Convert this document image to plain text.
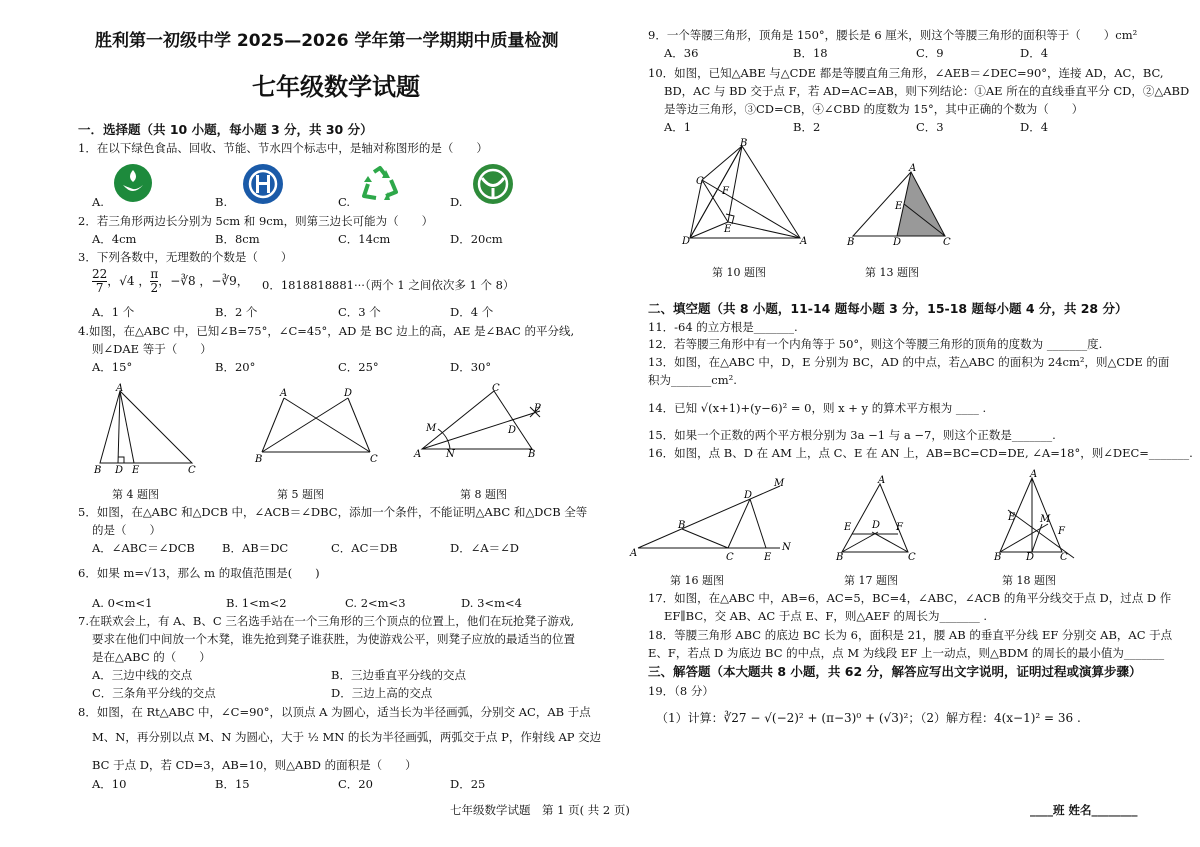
胜利第一初级中学 2025—2026 学年第一学期期中质量检测
七年级数学试题
一．选择题（共 10 小题，每小题 3 分，共 30 分）
1．在以下绿色食品、回收、节能、节水四个标志中，是轴对称图形的是（　　）
A.	B.	C.	D.
2．若三角形两边长分别为 5cm 和 9cm，则第三边长可能为（　　）
A．4cm	B．8cm	C．14cm	D．20cm
3．下列各数中，无理数的个数是（　　）
$\frac{22}{7}$ ，√4 ， $\frac{\pi}{2}$ ，−∛8 ，−∛9， 0．1818818881···（两个 1 之间依次多 1 个 8）
A．1 个	B．2 个	C．3 个	D．4 个
4.如图，在△ABC 中，已知∠B=75°，∠C=45°，AD 是 BC 边上的高，AE 是∠BAC 的平分线,
则∠DAE 等于（　　）
A．15°	B．20°	C．25°	D．30°
A
B D E	C
A	D
B	C
C
M	D
P
A N	B
第 4 题图	第 5 题图	第 8 题图
5．如图，在△ABC 和△DCB 中，∠ACB＝∠DBC，添加一个条件，不能证明△ABC 和△DCB 全等
的是（　　）
A．∠ABC＝∠DCB B．AB＝DC	C．AC＝DB	D．∠A＝∠D
6．如果 m=√13，那么 m 的取值范围是(　　)
A. 0<m<1	B. 1<m<2	C. 2<m<3	D. 3<m<4
7.在联欢会上，有 A、B、C 三名选手站在一个三角形的三个顶点的位置上，他们在玩抢凳子游戏,
要求在他们中间放一个木凳，谁先抢到凳子谁获胜，为使游戏公平，则凳子应放的最适当的位置
是在△ABC 的（　　）
A．三边中线的交点	B．三边垂直平分线的交点
C．三条角平分线的交点	D．三边上高的交点
8．如图，在 Rt△ABC 中，∠C=90°，以顶点 A 为圆心，适当长为半径画弧，分别交 AC，AB 于点
M、N，再分别以点 M、N 为圆心，大于 ½ MN 的长为半径画弧，两弧交于点 P，作射线 AP 交边
BC 于点 D，若 CD=3，AB=10，则△ABD 的面积是（　　）
A．10	B．15	C．20	D．25
9．一个等腰三角形，顶角是 150°，腰长是 6 厘米，则这个等腰三角形的面积等于（　　）cm²
A．36	B．18	C．9	D．4
10．如图，已知△ABE 与△CDE 都是等腰直角三角形，∠AEB＝∠DEC=90°，连接 AD，AC，BC,
BD，AC 与 BD 交于点 F，若 AD=AC=AB，则下列结论：①AE 所在的直线垂直平分 CD，②△ABD
是等边三角形，③CD=CB，④∠CBD 的度数为 15°，其中正确的个数为（　　）
A．1	B．2	C．3	D．4
B
C
F
E
D	A
A
E
B	D	C
第 10 题图	第 13 题图
二、填空题（共 8 小题，11-14 题每小题 3 分，15-18 题每小题 4 分，共 28 分）
11．-64 的立方根是_______.
12．若等腰三角形中有一个内角等于 50°，则这个等腰三角形的顶角的度数为 _______度.
13．如图，在△ABC 中，D，E 分别为 BC，AD 的中点，若△ABC 的面积为 24cm²，则△CDE 的面
积为_______cm².
14．已知 √(x+1)+(y−6)² = 0，则 x + y 的算术平方根为 ____ .
15．如果一个正数的两个平方根分别为 3a −1 与 a −7，则这个正数是_______.
16．如图，点 B、D 在 AM 上，点 C、E 在 AN 上，AB=BC=CD=DE, ∠A=18°，则∠DEC=_______.
A
B
C
D
E
M
N
A
E D F
B	C
A
E M
F
B D	C
第 16 题图	第 17 题图	第 18 题图
17．如图，在△ABC 中，AB=6，AC=5，BC=4，∠ABC，∠ACB 的角平分线交于点 D，过点 D 作
EF∥BC，交 AB、AC 于点 E、F，则△AEF 的周长为_______ .
18．等腰三角形 ABC 的底边 BC 长为 6，面积是 21，腰 AB 的垂直平分线 EF 分别交 AB，AC 于点
E、F，若点 D 为底边 BC 的中点，点 M 为线段 EF 上一动点，则△BDM 的周长的最小值为_______
三、解答题（本大题共 8 小题，共 62 分，解答应写出文字说明，证明过程或演算步骤）
19．（8 分）
（1）计算：∛27 − √(−2)² + (π−3)⁰ + (√3)²；（2）解方程：4(x−1)² = 36 .
七年级数学试题　第 1 页( 共 2 页)	____班 姓名________
